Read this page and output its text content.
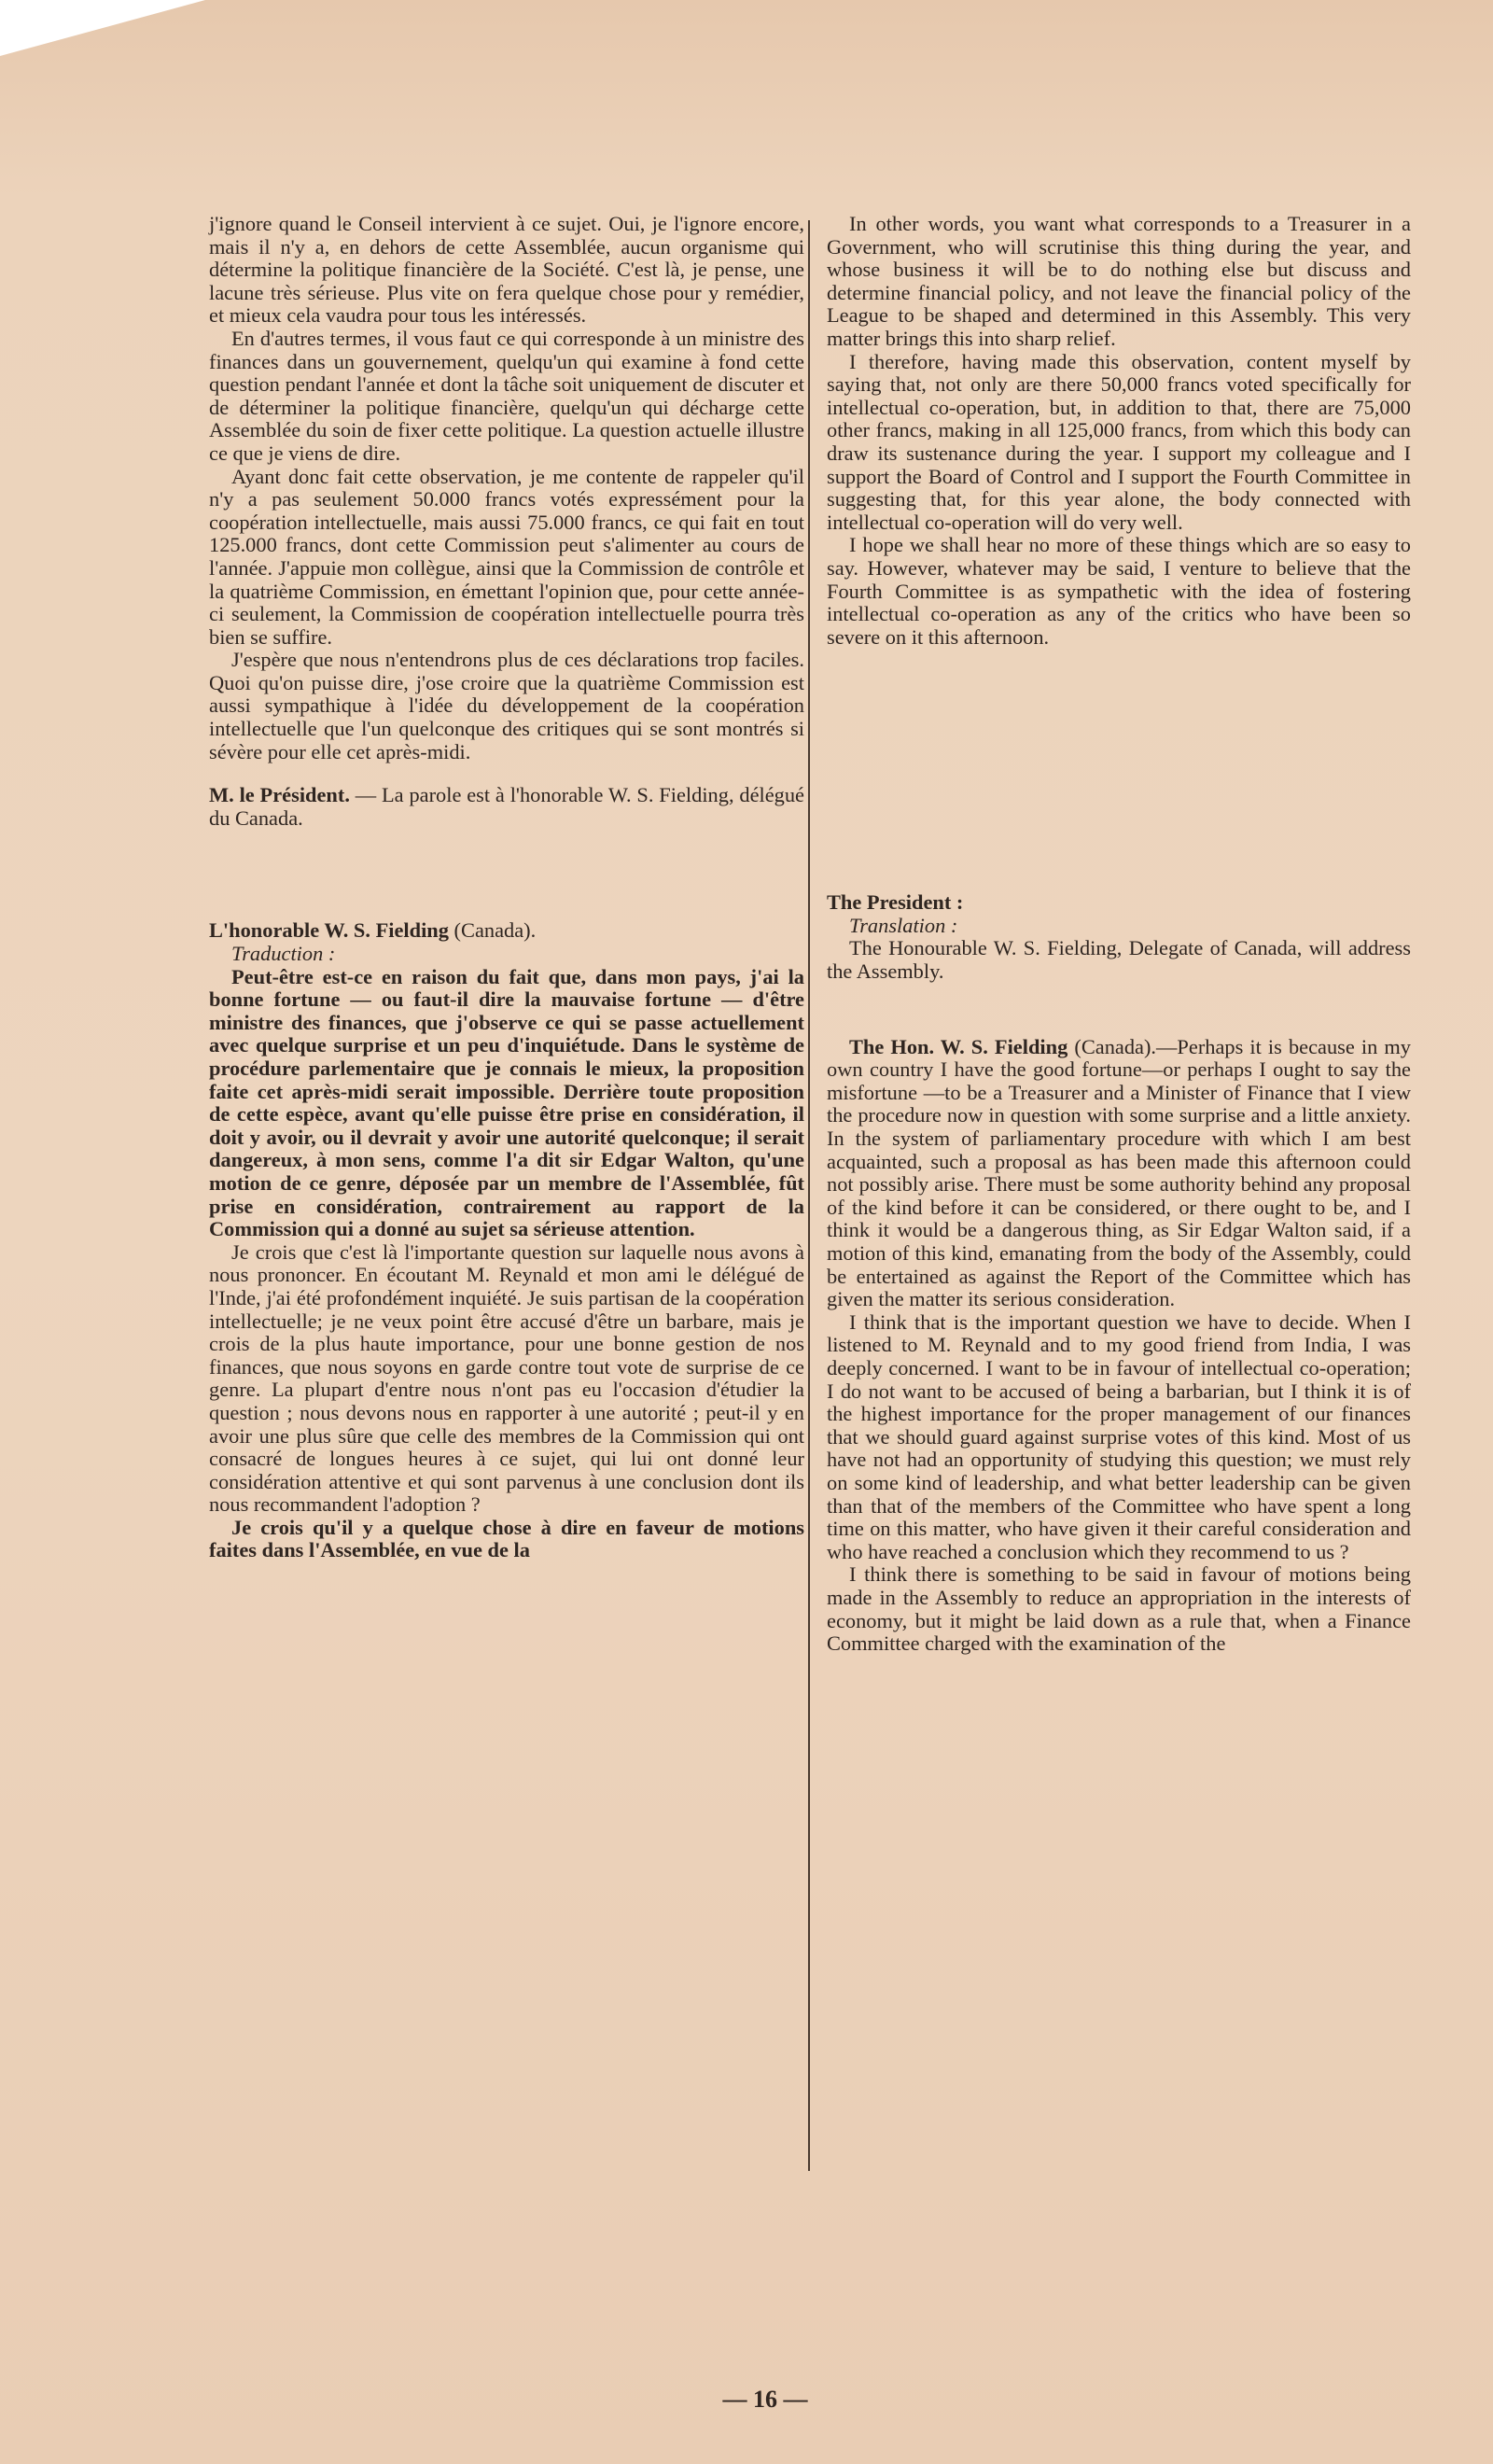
j'ignore quand le Conseil intervient à ce sujet. Oui, je l'ignore encore, mais il n'y a, en dehors de cette Assemblée, aucun organisme qui détermine la politique financière de la Société. C'est là, je pense, une lacune très sérieuse. Plus vite on fera quelque chose pour y remédier, et mieux cela vaudra pour tous les intéressés.

En d'autres termes, il vous faut ce qui corresponde à un ministre des finances dans un gouvernement, quelqu'un qui examine à fond cette question pendant l'année et dont la tâche soit uniquement de discuter et de déterminer la politique financière, quelqu'un qui décharge cette Assemblée du soin de fixer cette politique. La question actuelle illustre ce que je viens de dire.

Ayant donc fait cette observation, je me contente de rappeler qu'il n'y a pas seulement 50.000 francs votés expressément pour la coopération intellectuelle, mais aussi 75.000 francs, ce qui fait en tout 125.000 francs, dont cette Commission peut s'alimenter au cours de l'année. J'appuie mon collègue, ainsi que la Commission de contrôle et la quatrième Commission, en émettant l'opinion que, pour cette année-ci seulement, la Commission de coopération intellectuelle pourra très bien se suffire.

J'espère que nous n'entendrons plus de ces déclarations trop faciles. Quoi qu'on puisse dire, j'ose croire que la quatrième Commission est aussi sympathique à l'idée du développement de la coopération intellectuelle que l'un quelconque des critiques qui se sont montrés si sévère pour elle cet après-midi.

M. le Président. — La parole est à l'honorable W. S. Fielding, délégué du Canada.

L'honorable W. S. Fielding (Canada).

Traduction :

Peut-être est-ce en raison du fait que, dans mon pays, j'ai la bonne fortune — ou faut-il dire la mauvaise fortune — d'être ministre des finances, que j'observe ce qui se passe actuellement avec quelque surprise et un peu d'inquiétude. Dans le système de procédure parlementaire que je connais le mieux, la proposition faite cet après-midi serait impossible. Derrière toute proposition de cette espèce, avant qu'elle puisse être prise en considération, il doit y avoir, ou il devrait y avoir une autorité quelconque; il serait dangereux, à mon sens, comme l'a dit sir Edgar Walton, qu'une motion de ce genre, déposée par un membre de l'Assemblée, fût prise en considération, contrairement au rapport de la Commission qui a donné au sujet sa sérieuse attention.

Je crois que c'est là l'importante question sur laquelle nous avons à nous prononcer. En écoutant M. Reynald et mon ami le délégué de l'Inde, j'ai été profondément inquiété. Je suis partisan de la coopération intellectuelle; je ne veux point être accusé d'être un barbare, mais je crois de la plus haute importance, pour une bonne gestion de nos finances, que nous soyons en garde contre tout vote de surprise de ce genre. La plupart d'entre nous n'ont pas eu l'occasion d'étudier la question ; nous devons nous en rapporter à une autorité ; peut-il y en avoir une plus sûre que celle des membres de la Commission qui ont consacré de longues heures à ce sujet, qui lui ont donné leur considération attentive et qui sont parvenus à une conclusion dont ils nous recommandent l'adoption ?

Je crois qu'il y a quelque chose à dire en faveur de motions faites dans l'Assemblée, en vue de la

In other words, you want what corresponds to a Treasurer in a Government, who will scrutinise this thing during the year, and whose business it will be to do nothing else but discuss and determine financial policy, and not leave the financial policy of the League to be shaped and determined in this Assembly. This very matter brings this into sharp relief.

I therefore, having made this observation, content myself by saying that, not only are there 50,000 francs voted specifically for intellectual co-operation, but, in addition to that, there are 75,000 other francs, making in all 125,000 francs, from which this body can draw its sustenance during the year. I support my colleague and I support the Board of Control and I support the Fourth Committee in suggesting that, for this year alone, the body connected with intellectual co-operation will do very well.

I hope we shall hear no more of these things which are so easy to say. However, whatever may be said, I venture to believe that the Fourth Committee is as sympathetic with the idea of fostering intellectual co-operation as any of the critics who have been so severe on it this afternoon.

The President :

Translation :

The Honourable W. S. Fielding, Delegate of Canada, will address the Assembly.

The Hon. W. S. Fielding (Canada).—Perhaps it is because in my own country I have the good fortune—or perhaps I ought to say the misfortune —to be a Treasurer and a Minister of Finance that I view the procedure now in question with some surprise and a little anxiety. In the system of parliamentary procedure with which I am best acquainted, such a proposal as has been made this afternoon could not possibly arise. There must be some authority behind any proposal of the kind before it can be considered, or there ought to be, and I think it would be a dangerous thing, as Sir Edgar Walton said, if a motion of this kind, emanating from the body of the Assembly, could be entertained as against the Report of the Committee which has given the matter its serious consideration.

I think that is the important question we have to decide. When I listened to M. Reynald and to my good friend from India, I was deeply concerned. I want to be in favour of intellectual co-operation; I do not want to be accused of being a barbarian, but I think it is of the highest importance for the proper management of our finances that we should guard against surprise votes of this kind. Most of us have not had an opportunity of studying this question; we must rely on some kind of leadership, and what better leadership can be given than that of the members of the Committee who have spent a long time on this matter, who have given it their careful consideration and who have reached a conclusion which they recommend to us ?

I think there is something to be said in favour of motions being made in the Assembly to reduce an appropriation in the interests of economy, but it might be laid down as a rule that, when a Finance Committee charged with the examination of the

— 16 —
